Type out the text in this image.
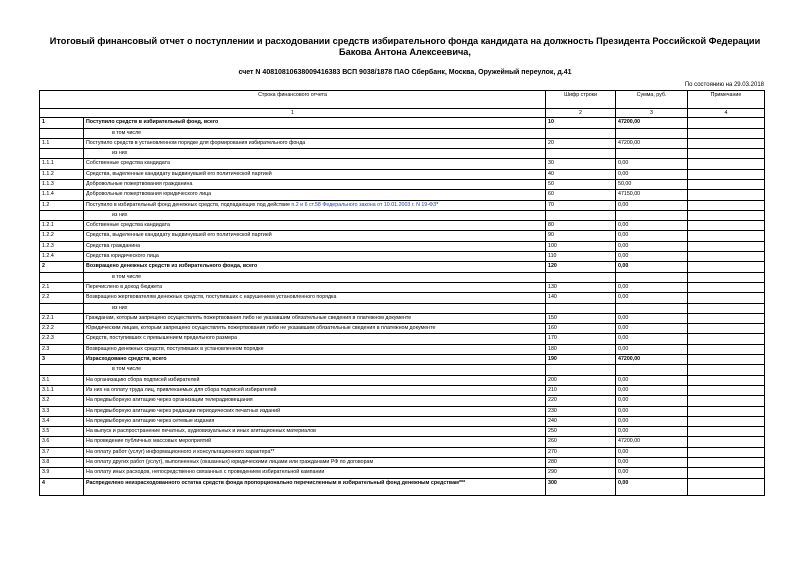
Итоговый финансовый отчет о поступлении и расходовании средств избирательного фонда кандидата на должность Президента Российской Федерации Бакова Антона Алексеевича,
счет N 40810810638009416383 ВСП 9038/1878 ПАО Сбербанк, Москва, Оружейный переулок, д.41
По состоянию на 29.03.2018
Строка финансового отчета		Шифр строки	Сумма, руб.	Примечание
1		2	3	4
1	Поступило средств в избирательный фонд, всего	10	47200,00	
	в том числе			
1.1	Поступило средств в установленном порядке для формирования избирательного фонда	20	47200,00	
	из них			
1.1.1	Собственные средства кандидата	30	0,00	
1.1.2	Средства, выделенные кандидату выдвинувшей его политической партией	40	0,00	
1.1.3	Добровольные пожертвования гражданина	50	50,00	
1.1.4	Добровольные пожертвования юридического лица	60	47150,00	
1.2	Поступило в избирательный фонд денежных средств, подпадающих под действие п.2 и 6 ст.58 Федерального закона от 10.01.2003 г. N 19-ФЗ*	70	0,00	
	из них			
1.2.1	Собственные средства кандидата	80	0,00	
1.2.2	Средства, выделенные кандидату выдвинувшей его политической партией	90	0,00	
1.2.3	Средства гражданина	100	0,00	
1.2.4	Средства юридического лица	110	0,00	
2	Возвращено денежных средств из избирательного фонда, всего	120	0,00	
	в том числе			
2.1	Перечислено в доход бюджета	130	0,00	
2.2	Возвращено жертвователям денежных средств, поступивших с нарушением установленного порядка	140	0,00	
	из них			
2.2.1	Гражданам, которым запрещено осуществлять пожертвования либо не указавшим обязательные сведения в платежном документе	150	0,00	
2.2.2	Юридическим лицам, которым запрещено осуществлять пожертвования либо не указавшим обязательные сведения в платежном документе	160	0,00	
2.2.3	Средств, поступивших с превышением предельного размера	170	0,00	
2.3	Возвращено денежных средств, поступивших в установленном порядке	180	0,00	
3	Израсходовано средств, всего	190	47200,00	
	в том числе			
3.1	На организацию сбора подписей избирателей	200	0,00	
3.1.1	Из них на оплату труда лиц, привлекаемых для сбора подписей избирателей	210	0,00	
3.2	На предвыборную агитацию через организации телерадиовещания	220	0,00	
3.3	На предвыборную агитацию через редакции периодических печатных изданий	230	0,00	
3.4	На предвыборную агитацию через сетевые издания	240	0,00	
3.5	На выпуск и распространение печатных, аудиовизуальных и иных агитационных материалов	250	0,00	
3.6	На проведение публичных массовых мероприятий	260	47200,00	
3.7	На оплату работ (услуг) информационного и консультационного характера**	270	0,00	
3.8	На оплату других работ (услуг), выполненных (оказанных) юридическими лицами или гражданами РФ по договорам	280	0,00	
3.9	На оплату иных расходов, непосредственно связанных с проведением избирательной кампании	290	0,00	
4	Распределено неизрасходованного остатка средств фонда пропорционально перечисленным в избирательный фонд денежным средствам***	300	0,00	
